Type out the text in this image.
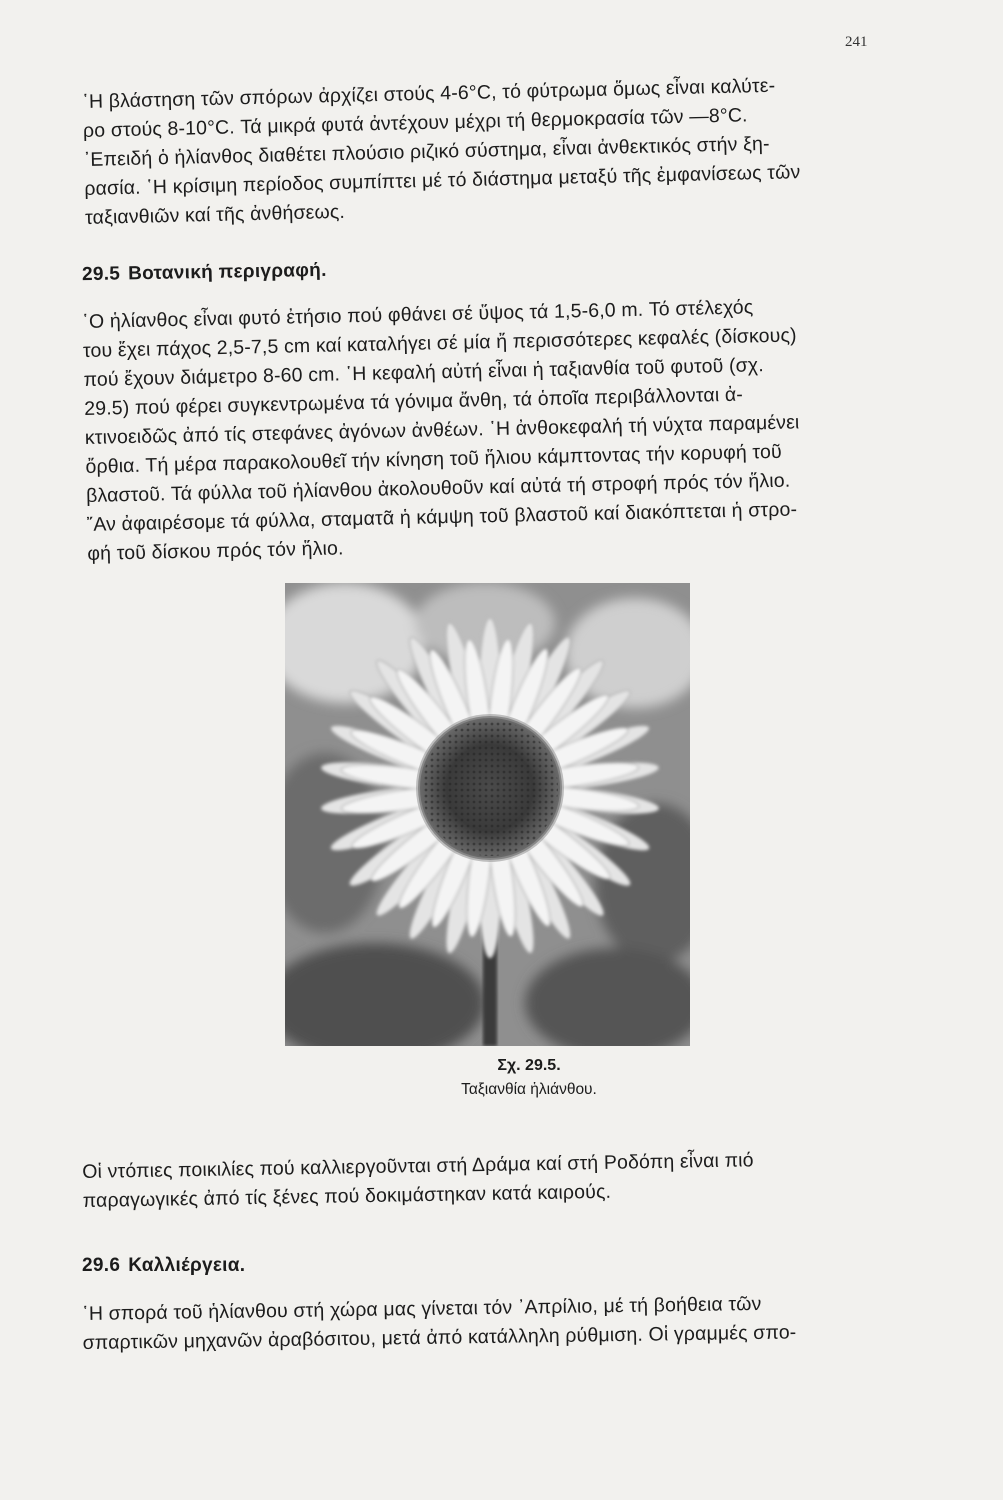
241

῾Η βλάστηση τῶν σπόρων ἀρχίζει στούς 4-6°C, τό φύτρωμα ὅμως εἶναι καλύτε-

ρο στούς 8-10°C. Τά μικρά φυτά ἀντέχουν μέχρι τή θερμοκρασία τῶν —8°C.

᾿Επειδή ὁ ἡλίανθος διαθέτει πλούσιο ριζικό σύστημα, εἶναι ἀνθεκτικός στήν ξη-

ρασία. ῾Η κρίσιμη περίοδος συμπίπτει μέ τό διάστημα μεταξύ τῆς ἐμφανίσεως τῶν

ταξιανθιῶν καί τῆς ἀνθήσεως.

29.5 Βοτανική περιγραφή.

῾Ο ἡλίανθος εἶναι φυτό ἐτήσιο πού φθάνει σέ ὕψος τά 1,5-6,0 m. Τό στέλεχός

του ἔχει πάχος 2,5-7,5 cm καί καταλήγει σέ μία ἤ περισσότερες κεφαλές (δίσκους)

πού ἔχουν διάμετρο 8-60 cm. ῾Η κεφαλή αὐτή εἶναι ἡ ταξιανθία τοῦ φυτοῦ (σχ.

29.5) πού φέρει συγκεντρωμένα τά γόνιμα ἄνθη, τά ὁποῖα περιβάλλονται ἀ-

κτινοειδῶς ἀπό τίς στεφάνες ἀγόνων ἀνθέων. ῾Η ἀνθοκεφαλή τή νύχτα παραμένει

ὄρθια. Τή μέρα παρακολουθεῖ τήν κίνηση τοῦ ἥλιου κάμπτοντας τήν κορυφή τοῦ

βλαστοῦ. Τά φύλλα τοῦ ἡλίανθου ἀκολουθοῦν καί αὐτά τή στροφή πρός τόν ἥλιο.

῎Αν ἀφαιρέσομε τά φύλλα, σταματᾶ ἡ κάμψη τοῦ βλαστοῦ καί διακόπτεται ἡ στρο-

φή τοῦ δίσκου πρός τόν ἥλιο.

Σχ. 29.5.
Ταξιανθία ἡλιάνθου.

Οἱ ντόπιες ποικιλίες πού καλλιεργοῦνται στή Δράμα καί στή Ροδόπη εἶναι πιό

παραγωγικές ἀπό τίς ξένες πού δοκιμάστηκαν κατά καιρούς.

29.6 Καλλιέργεια.

῾Η σπορά τοῦ ἡλίανθου στή χώρα μας γίνεται τόν ᾿Απρίλιο, μέ τή βοήθεια τῶν

σπαρτικῶν μηχανῶν ἀραβόσιτου, μετά ἀπό κατάλληλη ρύθμιση. Οἱ γραμμές σπο-
